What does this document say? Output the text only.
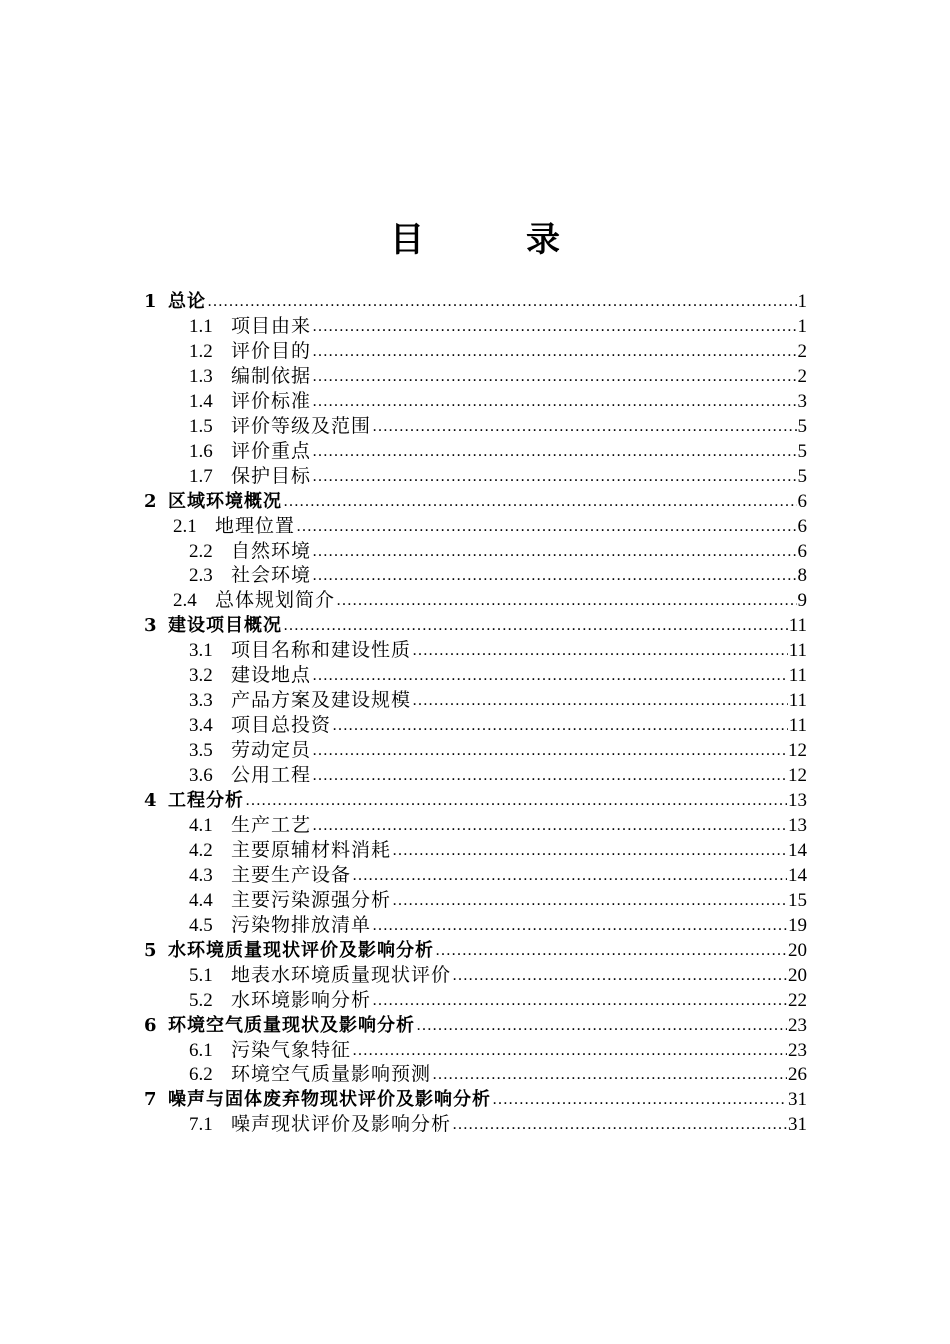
目　录
1 总论 ……………………………………………………………………………………………………………………………………………………………………	1
1.1 项目由来 ……………………………………………………………………………………………………………………………………………………………………	1
1.2 评价目的 ……………………………………………………………………………………………………………………………………………………………………	2
1.3 编制依据 ……………………………………………………………………………………………………………………………………………………………………	2
1.4 评价标准 ……………………………………………………………………………………………………………………………………………………………………	3
1.5 评价等级及范围 ……………………………………………………………………………………………………………………………………………………………………	5
1.6 评价重点 ……………………………………………………………………………………………………………………………………………………………………	5
1.7 保护目标 ……………………………………………………………………………………………………………………………………………………………………	5
2 区域环境概况 ……………………………………………………………………………………………………………………………………………………………………	6
2.1 地理位置 ……………………………………………………………………………………………………………………………………………………………………	6
2.2 自然环境 ……………………………………………………………………………………………………………………………………………………………………	6
2.3 社会环境 ……………………………………………………………………………………………………………………………………………………………………	8
2.4 总体规划简介 ……………………………………………………………………………………………………………………………………………………………………	9
3 建设项目概况 ……………………………………………………………………………………………………………………………………………………………………	11
3.1 项目名称和建设性质 ……………………………………………………………………………………………………………………………………………………………………	11
3.2 建设地点 ……………………………………………………………………………………………………………………………………………………………………	11
3.3 产品方案及建设规模 ……………………………………………………………………………………………………………………………………………………………………	11
3.4 项目总投资 ……………………………………………………………………………………………………………………………………………………………………	11
3.5 劳动定员 ……………………………………………………………………………………………………………………………………………………………………	12
3.6 公用工程 ……………………………………………………………………………………………………………………………………………………………………	12
4 工程分析 ……………………………………………………………………………………………………………………………………………………………………	13
4.1 生产工艺 ……………………………………………………………………………………………………………………………………………………………………	13
4.2 主要原辅材料消耗 ……………………………………………………………………………………………………………………………………………………………………	14
4.3 主要生产设备 ……………………………………………………………………………………………………………………………………………………………………	14
4.4 主要污染源强分析 ……………………………………………………………………………………………………………………………………………………………………	15
4.5 污染物排放清单 ……………………………………………………………………………………………………………………………………………………………………	19
5 水环境质量现状评价及影响分析 ……………………………………………………………………………………………………………………………………………………………………	20
5.1 地表水环境质量现状评价 ……………………………………………………………………………………………………………………………………………………………………	20
5.2 水环境影响分析 ……………………………………………………………………………………………………………………………………………………………………	22
6 环境空气质量现状及影响分析 ……………………………………………………………………………………………………………………………………………………………………	23
6.1 污染气象特征 ……………………………………………………………………………………………………………………………………………………………………	23
6.2 环境空气质量影响预测 ……………………………………………………………………………………………………………………………………………………………………	26
7 噪声与固体废弃物现状评价及影响分析 ……………………………………………………………………………………………………………………………………………………………………	31
7.1 噪声现状评价及影响分析 ……………………………………………………………………………………………………………………………………………………………………	31
